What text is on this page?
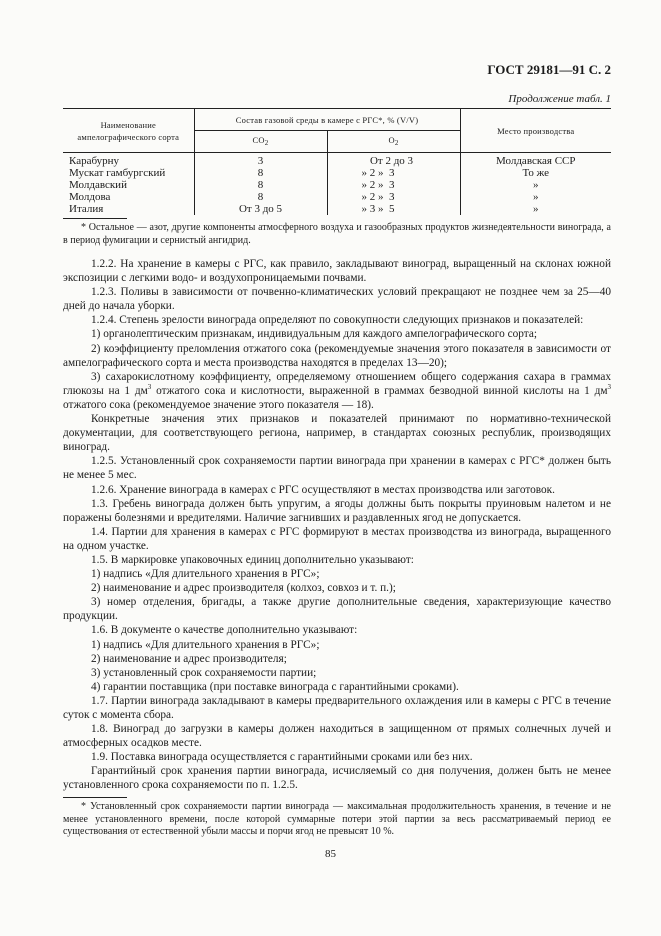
ГОСТ 29181—91 С. 2
Продолжение табл. 1
Наименование ампелографического сорта	Состав газовой среды в камере с РГС*, % (V/V)		Место производства
	$CO_2$	$O_2$
Карабурну	3	От 2 до 3	Молдавская ССР
Мускат гамбургский	8	» 2 »  3	То же
Молдавский	8	» 2 »  3	»
Молдова	8	» 2 »  3	»
Италия	От 3 до 5	» 3 »  5	»
* Остальное — азот, другие компоненты атмосферного воздуха и газообразных продуктов жизнедеятельности винограда, а в период фумигации и сернистый ангидрид.

1.2.2. На хранение в камеры с РГС, как правило, закладывают виноград, выращенный на склонах южной экспозиции с легкими водо- и воздухопроницаемыми почвами.

1.2.3. Поливы в зависимости от почвенно-климатических условий прекращают не позднее чем за 25—40 дней до начала уборки.

1.2.4. Степень зрелости винограда определяют по совокупности следующих признаков и показателей:

1) органолептическим признакам, индивидуальным для каждого ампелографического сорта;

2) коэффициенту преломления отжатого сока (рекомендуемые значения этого показателя в зависимости от ампелографического сорта и места производства находятся в пределах 13—20);

3) сахарокислотному коэффициенту, определяемому отношением общего содержания сахара в граммах глюкозы на 1 $дм^3$ отжатого сока и кислотности, выраженной в граммах безводной винной кислоты на 1 $дм^3$ отжатого сока (рекомендуемое значение этого показателя — 18).

Конкретные значения этих признаков и показателей принимают по нормативно-технической документации, для соответствующего региона, например, в стандартах союзных республик, производящих виноград.

1.2.5. Установленный срок сохраняемости партии винограда при хранении в камерах с РГС* должен быть не менее 5 мес.

1.2.6. Хранение винограда в камерах с РГС осуществляют в местах производства или заготовок.

1.3. Гребень винограда должен быть упругим, а ягоды должны быть покрыты пруиновым налетом и не поражены болезнями и вредителями. Наличие загнивших и раздавленных ягод не допускается.

1.4. Партии для хранения в камерах с РГС формируют в местах производства из винограда, выращенного на одном участке.

1.5. В маркировке упаковочных единиц дополнительно указывают:

1) надпись «Для длительного хранения в РГС»;

2) наименование и адрес производителя (колхоз, совхоз и т. п.);

3) номер отделения, бригады, а также другие дополнительные сведения, характеризующие качество продукции.

1.6. В документе о качестве дополнительно указывают:

1) надпись «Для длительного хранения в РГС»;

2) наименование и адрес производителя;

3) установленный срок сохраняемости партии;

4) гарантии поставщика (при поставке винограда с гарантийными сроками).

1.7. Партии винограда закладывают в камеры предварительного охлаждения или в камеры с РГС в течение суток с момента сбора.

1.8. Виноград до загрузки в камеры должен находиться в защищенном от прямых солнечных лучей и атмосферных осадков месте.

1.9. Поставка винограда осуществляется с гарантийными сроками или без них.

Гарантийный срок хранения партии винограда, исчисляемый со дня получения, должен быть не менее установленного срока сохраняемости по п. 1.2.5.

* Установленный срок сохраняемости партии винограда — максимальная продолжительность хранения, в течение и не менее установленного времени, после которой суммарные потери этой партии за весь рассматриваемый период ее существования от естественной убыли массы и порчи ягод не превысят 10 %.
85
